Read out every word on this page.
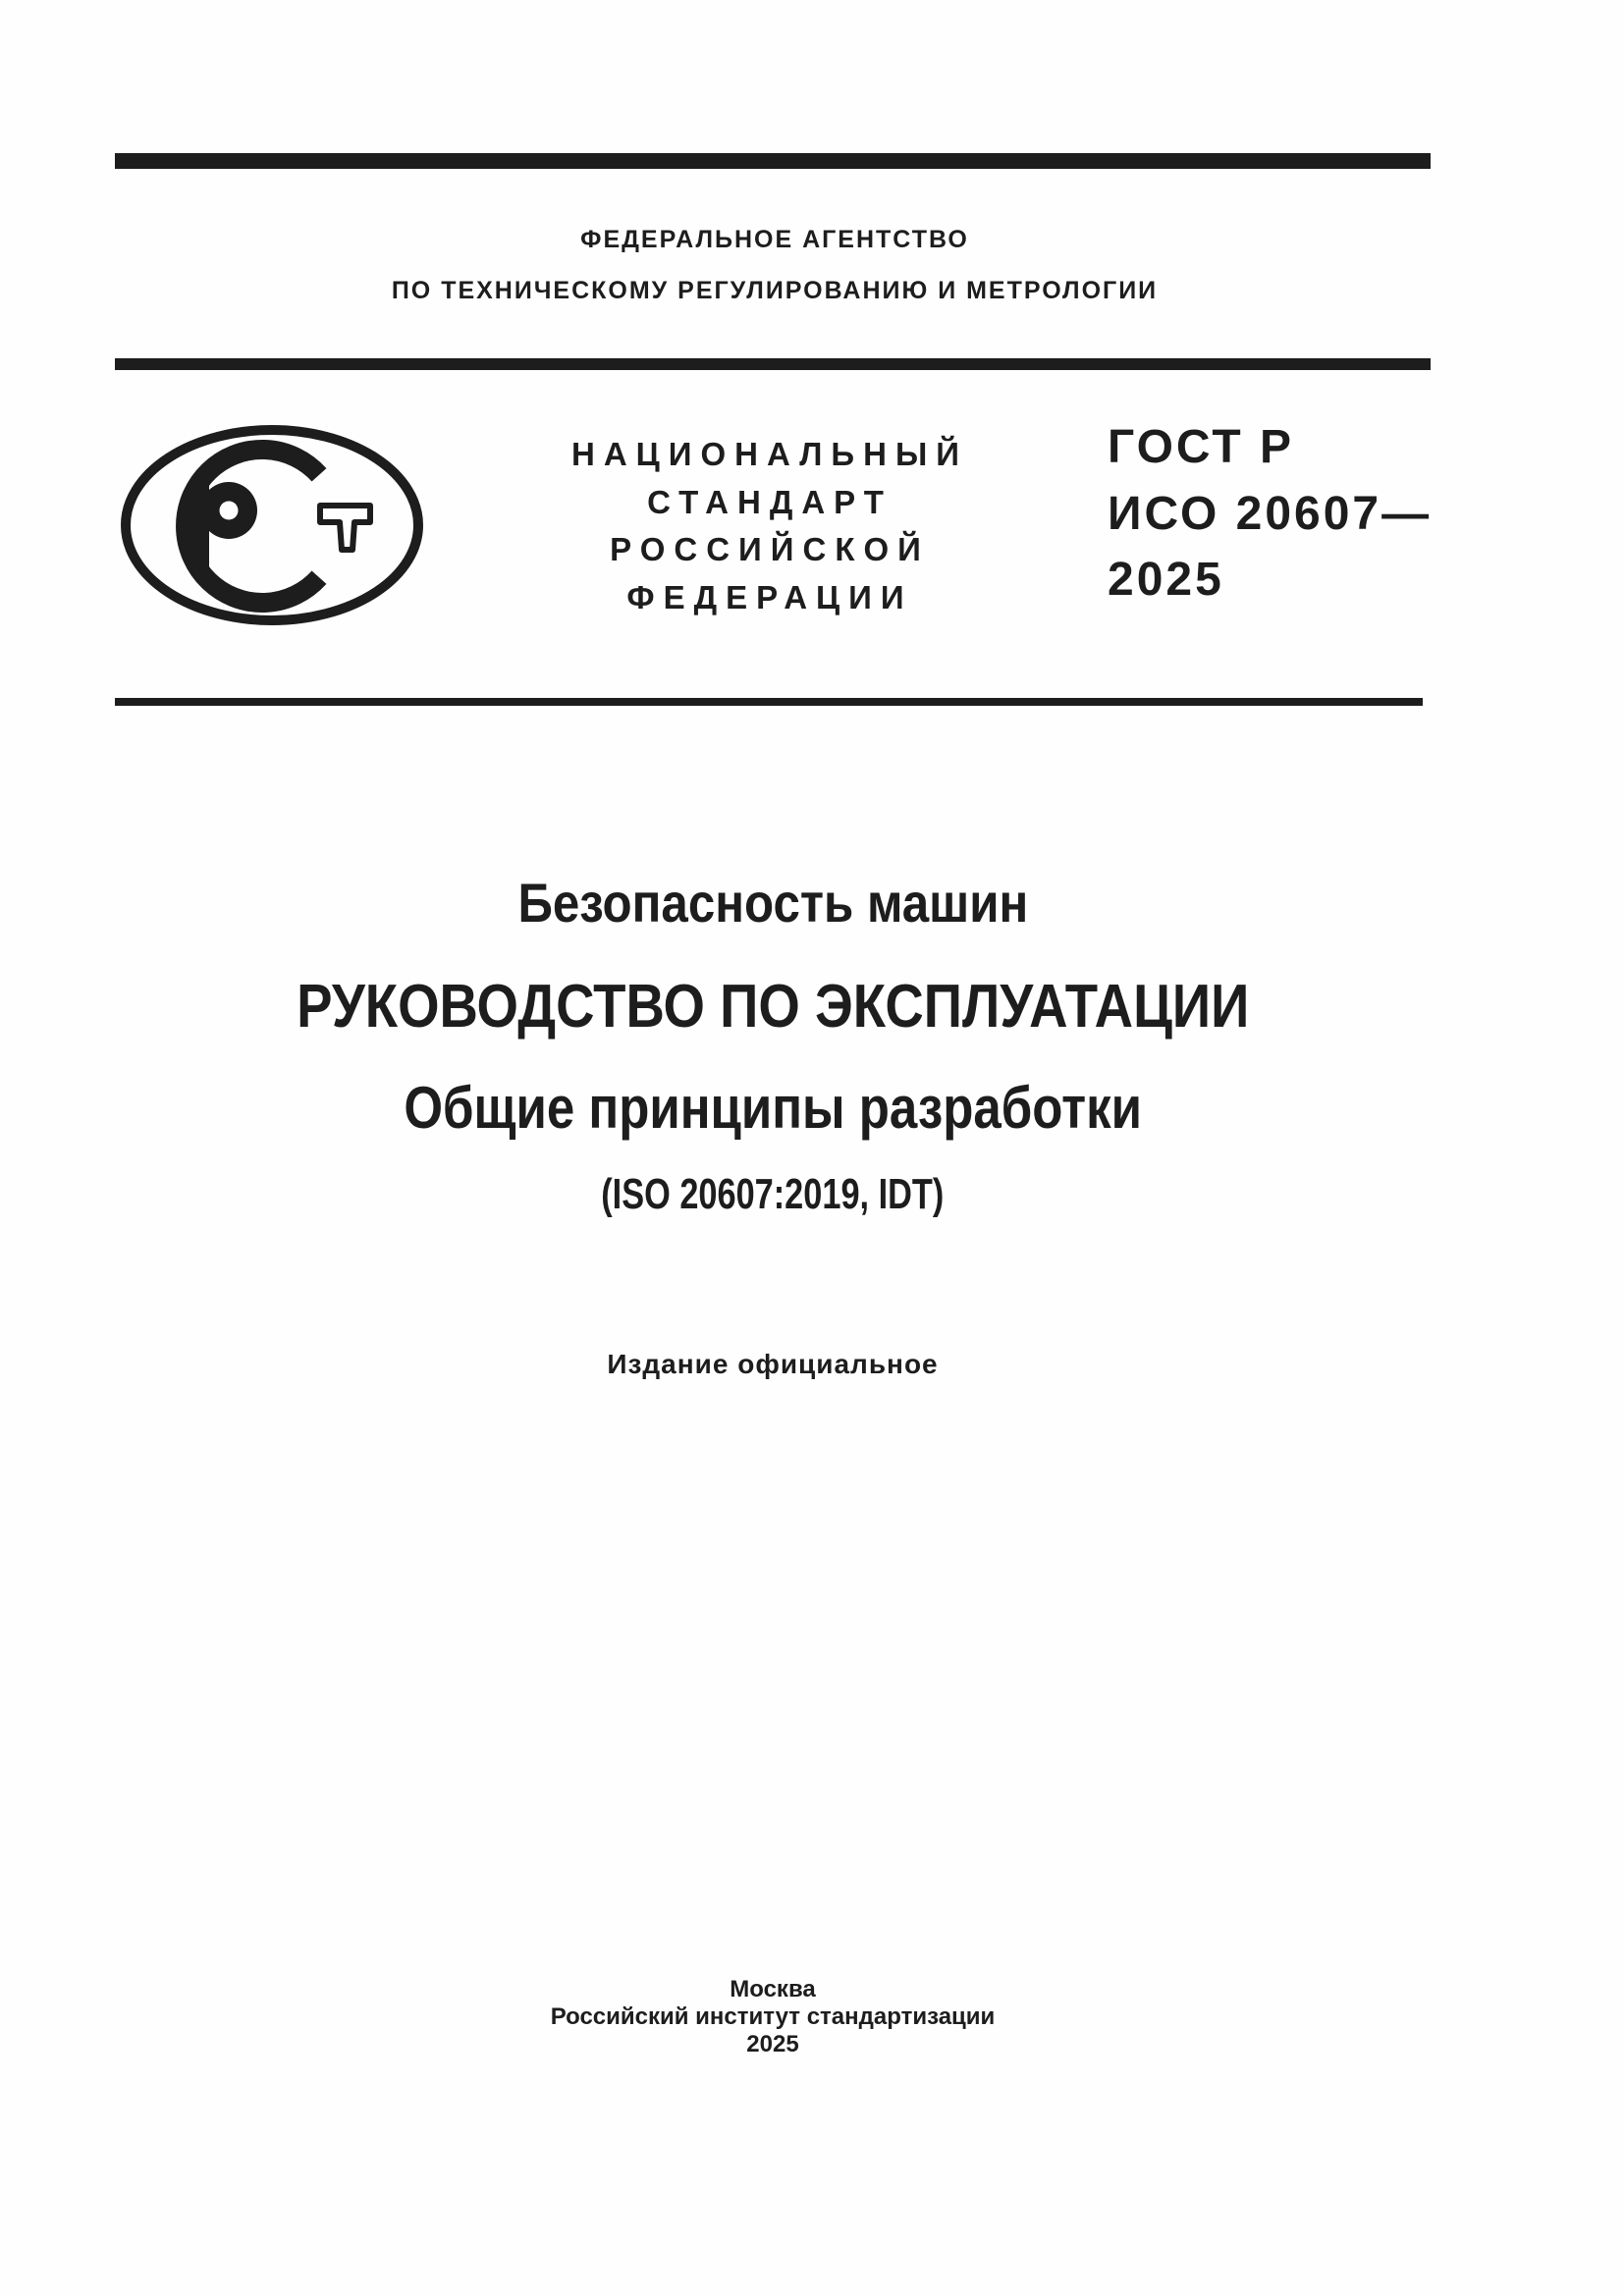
ФЕДЕРАЛЬНОЕ АГЕНТСТВО
ПО ТЕХНИЧЕСКОМУ РЕГУЛИРОВАНИЮ И МЕТРОЛОГИИ
НАЦИОНАЛЬНЫЙ
СТАНДАРТ
РОССИЙСКОЙ
ФЕДЕРАЦИИ
ГОСТ Р
ИСО 20607—
2025
Безопасность машин
РУКОВОДСТВО ПО ЭКСПЛУАТАЦИИ
Общие принципы разработки
(ISO 20607:2019, IDT)
Издание официальное
Москва
Российский институт стандартизации
2025
